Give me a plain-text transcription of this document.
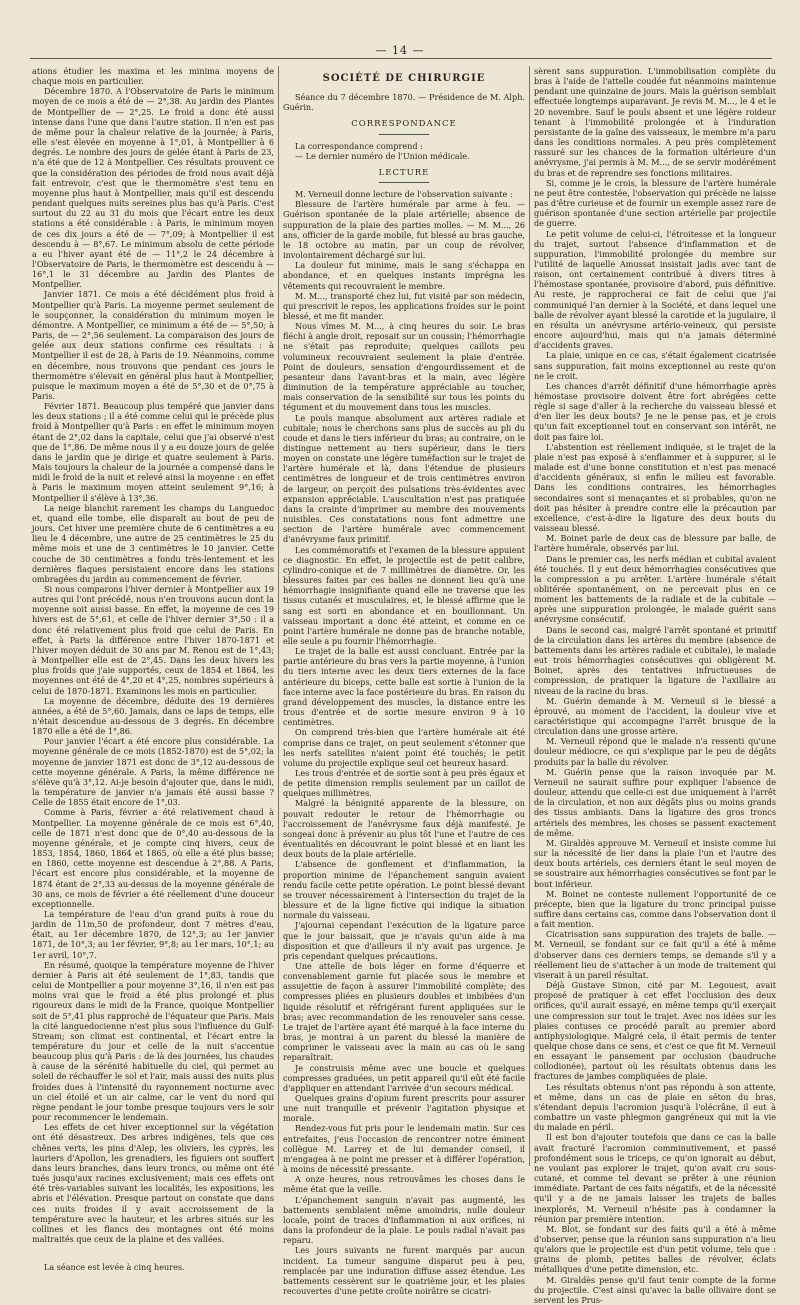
— 14 —

ations étudier les maxima et les minima moyens de chaque mois en particulier.

Décembre 1870. A l'Observatoire de Paris le minimum moyen de ce mois a été de — 2°,38. Au jardin des Plantes de Montpellier de — 2°,25. Le froid a donc été aussi intense dans l'une que dans l'autre station. Il n'en est pas de même pour la chaleur relative de la journée; à Paris, elle s'est élevée en moyenne à 1°,01, à Montpellier à 6 degrés. Le nombre des jours de gelée étant à Paris de 23, n'a été que de 12 à Montpellier. Ces résultats prouvent ce que la considération des périodes de froid nous avait déjà fait entrevoir, c'est que le thermomètre s'est tenu en moyenne plus haut à Montpellier, mais qu'il est descendu pendant quelques nuits sereines plus bas qu'à Paris. C'est surtout du 22 au 31 du mois que l'écart entre les deux stations a été considérable : à Paris, le minimum moyen de ces dix jours a été de — 7°,09; à Montpellier il est descendu à — 8°,67. Le minimum absolu de cette période a eu l'hiver ayant été de — 11°,2 le 24 décembre à l'Observatoire de Paris, le thermomètre est descendu à — 16°,1 le 31 décembre au Jardin des Plantes de Montpellier.

Janvier 1871. Ce mois a été décidément plus froid à Montpellier qu'à Paris. La moyenne permet seulement de le soupçonner, la considération du minimum moyen le démontre. A Montpellier, ce minimum a été de — 5°,50; à Paris, de — 2°,56 seulement. La comparaison des jours de gelée aux deux stations confirme ces résultats : à Montpellier il est de 28, à Paris de 19. Néanmoins, comme en décembre, nous trouvons que pendant ces jours le thermomètre s'élevait en général plus haut à Montpellier, puisque le maximum moyen a été de 5°,30 et de 0°,75 à Paris.

Février 1871. Beaucoup plus tempéré que janvier dans les deux stations ; il a été comme celui qui le précède plus froid à Montpellier qu'à Paris : en effet le minimum moyen étant de 2°,02 dans la capitale, celui que j'ai observé n'est que de 1°,86. De même nous il y a eu douze jours de gelée dans le jardin que je dirige et quatre seulement à Paris. Mais toujours la chaleur de la journée a compensé dans le midi le froid de la nuit et relevé ainsi la moyenne : en effet à Paris le maximum moyen atteint seulement 9°,16; à Montpellier il s'élève à 13°,36.

La neige blanchit rarement les champs du Languedoc et, quand elle tombe, elle disparaît au bout de peu de jours. Cet hiver une première chute de 6 centimètres a eu lieu le 4 décembre, une autre de 25 centimètres le 25 du même mois et une de 3 centimètres le 10 janvier. Cette couche de 30 centimètres a fondu très-lentement et les dernières flaques persistaient encore dans les stations ombragées du jardin au commencement de février.

Si nous comparons l'hiver dernier à Montpellier aux 19 autres qui l'ont précédé, nous n'en trouvons aucun dont la moyenne soit aussi basse. En effet, la moyenne de ces 19 hivers est de 5°,61, et celle de l'hiver dernier 3°,50 : il a donc été relativement plus froid que celui de Paris. En effet, à Paris la différence entre l'hiver 1870-1871 et l'hiver moyen déduit de 30 ans par M. Renou est de 1°,43; à Montpellier elle est de 2°,45. Dans les deux hivers les plus froids que j'aie supportés, ceux de 1854 et 1864, les moyennes ont été de 4°,20 et 4°,25, nombres supérieurs à celui de 1870-1871. Examinons les mois en particulier.

La moyenne de décembre, déduite des 19 dernières années, a été de 5°,60. Jamais, dans ce laps de temps, elle n'était descendue au-dessous de 3 degrés. En décembre 1870 elle a été de 1°,86.

Pour janvier l'écart a été encore plus considérable. La moyenne générale de ce mois (1852-1870) est de 5°,02; la moyenne de janvier 1871 est donc de 3°,12 au-dessous de cette moyenne générale. A Paris, la même différence ne s'élève qu'à 3°,12. Ai-je besoin d'ajouter que, dans le midi, la température de janvier n'a jamais été aussi basse ? Celle de 1855 était encore de 1°,03.

Comme à Paris, février a été relativement chaud à Montpellier. La moyenne générale de ce mois est 6°,40, celle de 1871 n'est donc que de 0°,40 au-dessous de la moyenne générale, et je compte cinq hivers, ceux de 1853, 1854, 1860, 1864 et 1865, où elle a été plus basse; en 1860, cette moyenne est descendue à 2°,88. A Paris, l'écart est encore plus considérable, et la moyenne de 1874 étant de 2°,33 au-dessus de la moyenne générale de 30 ans, ce mois de février a été réellement d'une douceur exceptionnelle.

La température de l'eau d'un grand puits à roue du jardin de 11m,50 de profondeur, dont 7 mètres d'eau, était, au 1er décembre 1870, de 12°,3; au 1er janvier 1871, de 10°,3; au 1er février, 9°,8; au 1er mars, 10°,1; au 1er avril, 10°,7.

En résumé, quoique la température moyenne de l'hiver dernier à Paris ait été seulement de 1°,83, tandis que celui de Montpellier a pour moyenne 3°,16, il n'en est pas moins vrai que le froid a été plus prolongé et plus rigoureux dans le midi de la France, quoique Montpellier soit de 5°,41 plus rapproché de l'équateur que Paris. Mais la cité languedocienne n'est plus sous l'influence du Gulf-Stream; son climat est continental, et l'écart entre la température du jour et celle de la nuit s'accentue beaucoup plus qu'à Paris : de là des journées, lus chaudes à cause de la sérénité habituelle du ciel, qui permet au soleil de réchauffer le sol et l'air, mais aussi des nuits plus froides dues à l'intensité du rayonnement nocturne avec un ciel étoilé et un air calme, car le vent du nord qui règne pendant le jour tombe presque toujours vers le soir pour recommencer le lendemain.

Les effets de cet hiver exceptionnel sur la végétation ont été désastreux. Des arbres indigènes, tels que ces chênes verts, les pins d'Alep, les oliviers, les cyprès, les lauriers d'Apollon, les grenadiers, les figuiers ont souffert dans leurs branches, dans leurs troncs, ou même ont été tués jusqu'aux racines exclusivement; mais ces effets ont été très-variables suivant les localités, les expositions, les abris et l'élévation. Presque partout on constate que dans ces nuits froides il y avait accroissement de la température avec la hauteur, et les arbres situés sur les collines et les flancs des montagnes ont été moins maltraités que ceux de la plaine et des vallées.

La séance est levée à cinq heures.

SOCIÉTÉ DE CHIRURGIE

Séance du 7 décembre 1870. — Présidence de M. Alph. Guérin.

CORRESPONDANCE

La correspondance comprend :

— Le dernier numéro de l'Union médicale.

LECTURE

M. Verneuil donne lecture de l'observation suivante :

Blessure de l'artère humérale par arme à feu. — Guérison spontanée de la plaie artérielle; absence de suppuration de la plaie des parties molles. — M. M..., 26 ans, officier de la garde mobile, fut blessé au bras gauche, le 18 octobre au matin, par un coup de révolver, involontairement déchargé sur lui.

La douleur fut minime, mais le sang s'échappa en abondance, et en quelques instants imprégna les vêtements qui recouvraient le membre.

M. M..., transporté chez lui, fut visité par son médecin, qui prescrivit le repos, les applications froides sur le point blessé, et me fit mander.

Nous vîmes M. M..., à cinq heures du soir. Le bras fléchi à angle droit, reposait sur un coussin; l'hémorrhagie ne s'était pas reproduite; quelques caillots peu volumineux recouvraient seulement la plaie d'entrée. Point de douleurs, sensation d'engourdissement et de pesanteur dans l'avant-bras et la main, avec légère diminution de la température appréciable au toucher, mais conservation de la sensibilité sur tous les points du tégument et du mouvement dans tous les muscles.

Le pouls manque absolument aux artères radiale et cubitale; nous le cherchons sans plus de succès au pli du coude et dans le tiers inférieur du bras; au contraire, on le distingue nettement au tiers supérieur, dans le tiers moyen on constate une légère tuméfaction sur le trajet de l'artère humérale et là, dans l'étendue de plusieurs centimètres de longueur et de trois centimètres environ de largeur, on perçoit des pulsations très-évidentes avec expansion appréciable. L'auscultation n'est pas pratiquée dans la crainte d'imprimer au membre des mouvements nuisibles. Ces constatations nous font admettre une section de l'artère humérale avec commencement d'anévrysme faux primitif.

Les commémoratifs et l'examen de la blessure appuient ce diagnostic. En effet, le projectile est de petit calibre, cylindro-conique et de 7 millimètres de diamètre. Or, les blessures faites par ces balles ne donnent lieu qu'à une hémorrhagie insignifiante quand elle ne traverse que les tissus cutanés et musculaires, et, le blessé affirme que le sang est sorti en abondance et en bouillonnant. Un vaisseau important a donc été atteint, et comme en ce point l'artère humérale ne donne pas de branche notable, elle seule a pu fournir l'hémorrhagie.

Le trajet de la balle est aussi concluant. Entrée par la partie antérieure du bras vers la partie moyenne, à l'union du tiers interne avec les deux tiers externes de la face antérieure du biceps, cette balle est sortie à l'union de la face interne avec la face postérieure du bras. En raison du grand développement des muscles, la distance entre les trous d'entrée et de sortie mesure environ 9 à 10 centimètres.

On comprend très-bien que l'artère humérale ait été comprise dans ce trajet, on peut seulement s'étonner que les nerfs satellites n'aient point été touchés; le petit volume du projectile explique seul cet heureux hasard.

Les trous d'entrée et de sortie sont à peu près égaux et de petite dimension remplis seulement par un caillot de quelques millimètres.

Malgré la bénignité apparente de la blessure, on pouvait redouter le retour de l'hémorrhagie ou l'accroissement de l'anévrysme faux déjà manifesté. Je songeai donc à prévenir au plus tôt l'une et l'autre de ces éventualités en découvrant le point blessé et en liant les deux bouts de la plaie artérielle.

L'absence de gonflement et d'inflammation, la proportion minime de l'épanchement sanguin avaient rendu facile cette petite opération. Le point blessé devant se trouver nécessairement à l'intersection du trajet de la blessure et de la ligne fictive qui indique la situation normale du vaisseau.

J'ajournai cependant l'exécution de la ligature parce que le jour baissait, que je n'avais qu'un aide à ma disposition et que d'ailleurs il n'y avait pas urgence. Je pris cependant quelques précautions.

Une attelle de bois léger en forme d'équerre et convenablement garnie fut placée sous le membre et assujettie de façon à assurer l'immobilité complète; des compresses pliées en plusieurs doubles et imbibées d'un liquide résolutif et réfrigérant furent appliquées sur le bras; avec recommandation de les renouveler sans cesse. Le trajet de l'artère ayant été marqué à la face interne du bras, je montrai à un parent du blessé la manière de comprimer le vaisseau avec la main au cas où le sang reparaîtrait.

Je construisis même avec une boucle et quelques compresses graduées, un petit appareil qu'il eût été facile d'appliquer en attendant l'arrivée d'un secours médical.

Quelques grains d'opium furent prescrits pour assurer une nuit tranquille et prévenir l'agitation physique et morale.

Rendez-vous fut pris pour le lendemain matin. Sur ces entrefaites, j'eus l'occasion de rencontrer notre éminent collègue M. Larrey et de lui demander conseil, il m'engagea à ne point me presser et à différer l'opération, à moins de nécessité pressante.

A onze heures, nous retrouvâmes les choses dans le même état que la veille.

L'épanchement sanguin n'avait pas augmenté, les battements semblaient même amoindris, nulle douleur locale, point de traces d'inflammation ni aux orifices, ni dans la profondeur de la plaie. Le pouls radial n'avait pas reparu.

Les jours suivants ne furent marqués par aucun incident. La tumeur sanguine disparut peu à peu, remplacée par une induration diffuse assez étendue. Les battements cessèrent sur le quatrième jour, et les plaies recouvertes d'une petite croûte noirâtre se cicatri-

sèrent sans suppuration. L'immobilisation complète du bras à l'aide de l'attelle coudée fut néanmoins maintenue pendant une quinzaine de jours. Mais la guérison semblait effectuée longtemps auparavant. Je revis M. M..., le 4 et le 20 novembre. Sauf le pouls absent et une légère roideur tenant à l'immobilité prolongée et à l'induration persistante de la gaîne des vaisseaux, le membre m'a paru dans les conditions normales. A peu près complètement rassuré sur les chances de la formation ultérieure d'un anévrysme, j'ai permis à M. M..., de se servir modérément du bras et de reprendre ses fonctions militaires.

Si, comme je le crois, la blessure de l'artère humérale ne peut être contestée, l'observation qui précède ne laisse pas d'être curieuse et de fournir un exemple assez rare de guérison spontanée d'une section artérielle par projectile de guerre.

Le petit volume de celui-ci, l'étroitesse et la longueur du trajet, surtout l'absence d'inflammation et de suppuration, l'immobilité prolongée du membre sur l'utilité de laquelle Amussat insistait jadis avec tant de raison, ont certainement contribué à divers titres à l'hémostase spontanée, provisoire d'abord, puis définitive. Au reste, je rapprocherai ce fait de celui que j'ai communiqué l'an dernier à la Société, et dans lequel une balle de révolver ayant blessé la carotide et la jugulaire, il en résulta un anévrysme artério-veineux, qui persiste encore aujourd'hui, mais qui n'a jamais déterminé d'accidents graves.

La plaie, unique en ce cas, s'était également cicatrisée sans suppuration, fait moins exceptionnel au reste qu'on ne le croit.

Les chances d'arrêt définitif d'une hémorrhagie après hémostase provisoire doivent être fort abrégées cette règle si sage d'aller à la recherche du vaisseau blessé et d'en lier les deux bouts? Je ne le pense pas, et je crois qu'un fait exceptionnel tout en conservant son intérêt, ne doit pas faire loi.

L'abstention est réellement indiquée, si le trajet de la plaie n'est pas exposé à s'enflammer et à suppurer, si le malade est d'une bonne constitution et n'est pas menacé d'accidents généraux, si enfin le milieu est favorable. Dans les conditions contraires, les hémorrhagies secondaires sont si menaçantes et si probables, qu'on ne doit pas hésiter à prendre contre elle la précaution par excellence, c'est-à-dire la ligature des deux bouts du vaisseau blessé.

M. Boinet parle de deux cas de blessure par balle, de l'artère humérale, observés par lui.

Dans le premier cas, les nerfs médian et cubital avaient été touchés. Il y eut deux hémorrhagies consécutives que la compression a pu arrêter. L'artère humérale s'était oblitérée spontanément, on ne percevait plus en ce moment les battements de la radiale et de la cubitale — après une suppuration prolongée, le malade guérit sans anévrysme consécutif.

Dans le second cas, malgré l'arrêt spontané et primitif de la circulation dans les artères du membre (absence de battements dans les artères radiale et cubitale), le malade eut trois hémorrhagies consécutives qui obligèrent M. Boinet, après des tentatives infructueuses de compression, de pratiquer la ligature de l'axillaire au niveau de la racine du bras.

M. Guérin demande à M. Verneuil si le blessé a éprouvé, au moment de l'accident, la douleur vive et caractéristique qui accompagne l'arrêt brusque de la circulation dans une grosse artère.

M. Verneuil répond que le malade n'a ressenti qu'une douleur médiocre, ce qui s'explique par le peu de dégâts produits par la balle du révolver.

M. Guérin pense que la raison invoquée par M. Verneuil ne saurait suffire pour expliquer l'absence de douleur, attendu que celle-ci est due uniquement à l'arrêt de la circulation, et non aux dégâts plus ou moins grands des tissus ambiants. Dans la ligature des gros troncs artériels des membres, les choses se passent exactement de même.

M. Giraldès approuve M. Verneuil et insiste comme lui sur la nécessité de lier dans la plaie l'un et l'autre des deux bouts artériels, ces derniers étant le seul moyen de se soustraire aux hémorrhagies consécutives se font par le bout inférieur.

M. Boinet ne conteste nullement l'opportunité de ce précepte, bien que la ligature du tronc principal puisse suffire dans certains cas, comme dans l'observation dont il a fait mention.

Cicatrisation sans suppuration des trajets de balle. — M. Verneuil, se fondant sur ce fait qu'il a été à même d'observer dans ces derniers temps, se demande s'il y a réellement lieu de s'attacher à un mode de traitement qui viserait à un pareil résultat.

Déjà Gustave Simon, cité par M. Legouest, avait proposé de pratiquer à cet effet l'occlusion des deux orifices, qu'il aurait essayé, en même temps qu'il exerçait une compression sur tout le trajet. Avec nos idées sur les plaies contuses ce procédé paraît au premier abord antiphysiologique. Malgré cela, il était permis de tenter quelque chose dans ce sens, et c'est ce que fit M. Verneuil en essayant le pansement par occlusion (baudruche collodionée), partout où les résultats obtenus dans les fractures de jambes compliquées de plaie.

Les résultats obtenus n'ont pas répondu à son attente, et même, dans un cas de plaie en séton du bras, s'étendant depuis l'acromion jusqu'à l'olécrâne, il eut à combattre un vaste phlegmon gangréneux qui mit la vie du malade en péril.

Il est bon d'ajouter toutefois que dans ce cas la balle avait fracturé l'acromion comminutivement, et passé profondément sous le triceps, ce qu'on ignorait au début, ne voulant pas explorer le trajet, qu'on avait cru sous-cutané, et comme tel devant se prêter à une réunion immédiate. Partant de ces faits négatifs, et de la nécessité qu'il y a de ne jamais laisser les trajets de balles inexplorés, M. Verneuil n'hésite pas à condamner la réunion par première intention.

M. Blot, se fondant sur des faits qu'il a été à même d'observer, pense que la réunion sans suppuration n'a lieu qu'alors que le projectile est d'un petit volume, tels que : grains de plomb, petites balles de révolver, éclats métalliques d'une petite dimension, etc.

M. Giraldès pense qu'il faut tenir compte de la forme du projectile. C'est ainsi qu'avec la balle ollivaire dont se servent les Prus-
